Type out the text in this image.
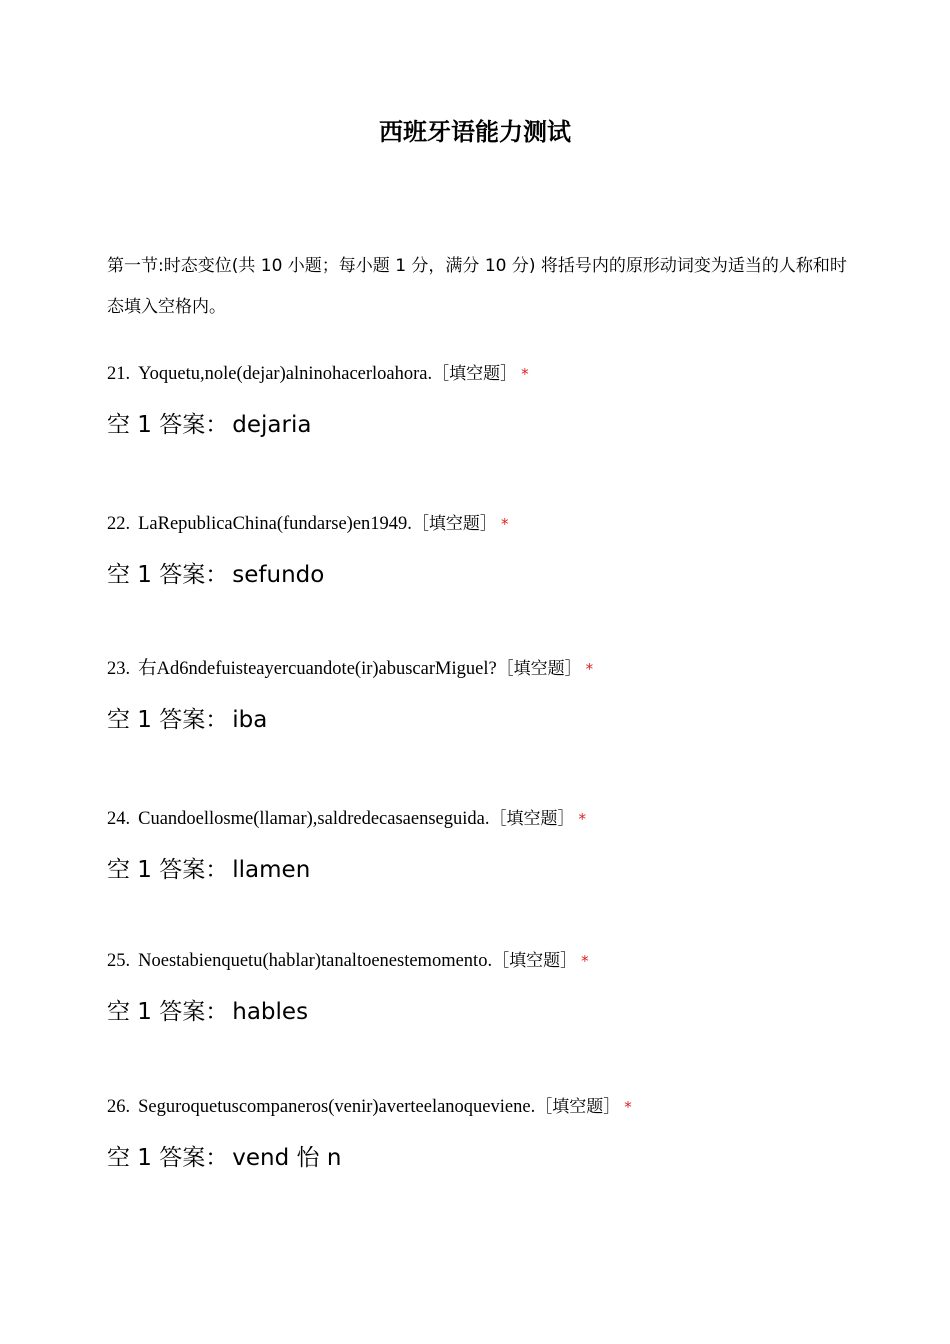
西班牙语能力测试
第一节:时态变位(共 10 小题；每小题 1 分，满分 10 分) 将括号内的原形动词变为适当的人称和时态填入空格内。
21. Yoquetu,nole(dejar)alninohacerloahora.［填空题］ *
空 1 答案： dejaria
22. LaRepublicaChina(fundarse)en1949.［填空题］ *
空 1 答案： sefundo
23. 右Ad6ndefuisteayercuandote(ir)abuscarMiguel?［填空题］ *
空 1 答案： iba
24. Cuandoellosme(llamar),saldredecasaenseguida.［填空题］ *
空 1 答案： llamen
25. Noestabienquetu(hablar)tanaltoenestemomento.［填空题］ *
空 1 答案： hables
26. Seguroquetuscompaneros(venir)averteelanoqueviene.［填空题］ *
空 1 答案： vend 怡 n
